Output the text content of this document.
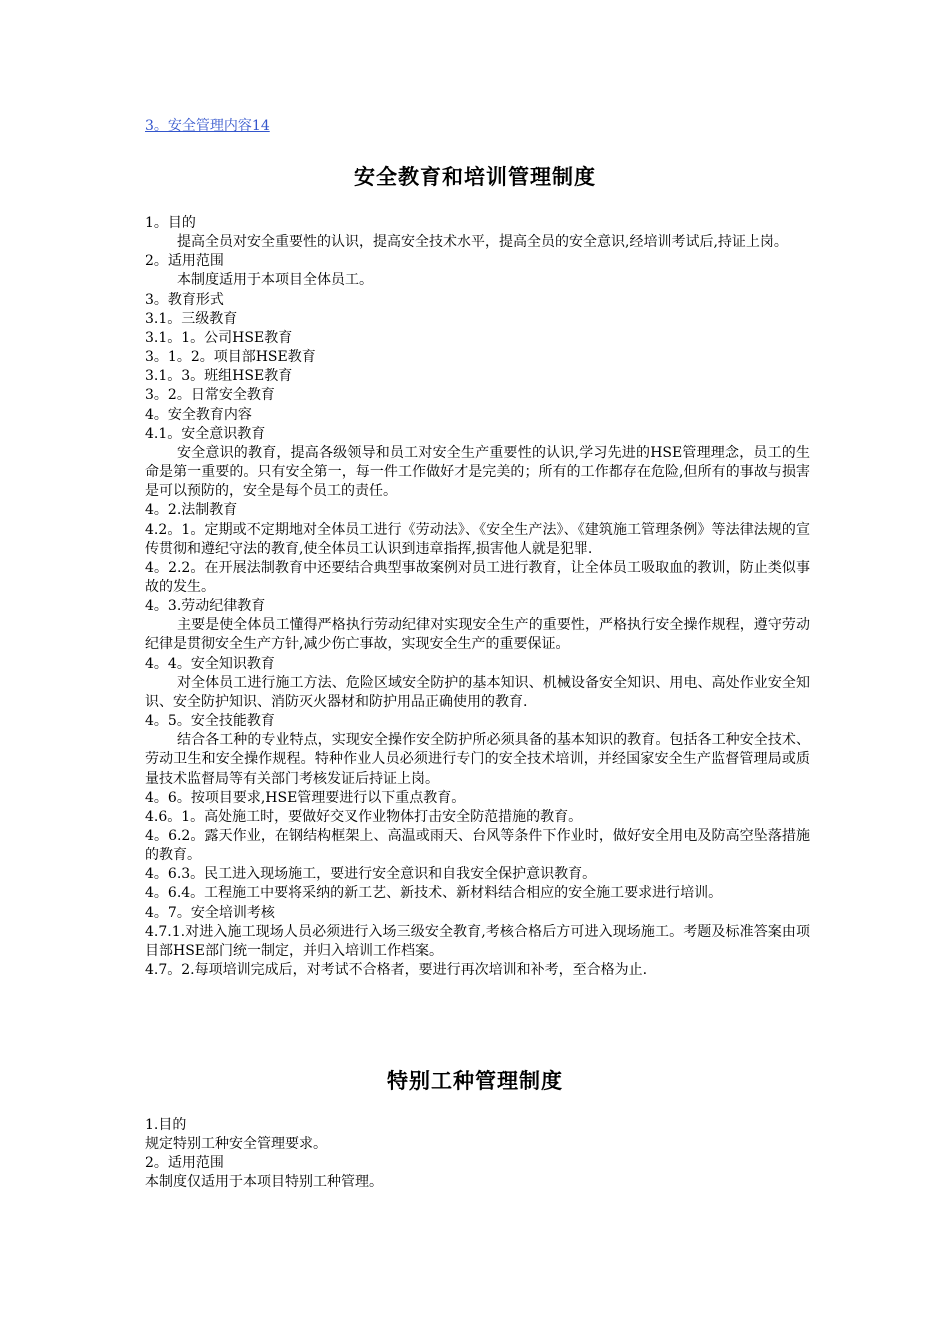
3。安全管理内容14
安全教育和培训管理制度

1。目的

提高全员对安全重要性的认识，提高安全技术水平，提高全员的安全意识,经培训考试后,持证上岗。

2。适用范围

本制度适用于本项目全体员工。

3。教育形式

3.1。三级教育

3.1。1。公司HSE教育

3。1。2。项目部HSE教育

3.1。3。班组HSE教育

3。2。日常安全教育

4。安全教育内容

4.1。安全意识教育

安全意识的教育，提高各级领导和员工对安全生产重要性的认识,学习先进的HSE管理理念，员工的生命是第一重要的。只有安全第一，每一件工作做好才是完美的；所有的工作都存在危险,但所有的事故与损害是可以预防的，安全是每个员工的责任。

4。2.法制教育

4.2。1。定期或不定期地对全体员工进行《劳动法》、《安全生产法》、《建筑施工管理条例》等法律法规的宣传贯彻和遵纪守法的教育,使全体员工认识到违章指挥,损害他人就是犯罪.

4。2.2。在开展法制教育中还要结合典型事故案例对员工进行教育，让全体员工吸取血的教训，防止类似事故的发生。

4。3.劳动纪律教育

主要是使全体员工懂得严格执行劳动纪律对实现安全生产的重要性，严格执行安全操作规程，遵守劳动纪律是贯彻安全生产方针,减少伤亡事故，实现安全生产的重要保证。

4。4。安全知识教育

对全体员工进行施工方法、危险区域安全防护的基本知识、机械设备安全知识、用电、高处作业安全知识、安全防护知识、消防灭火器材和防护用品正确使用的教育.

4。5。安全技能教育

结合各工种的专业特点，实现安全操作安全防护所必须具备的基本知识的教育。包括各工种安全技术、劳动卫生和安全操作规程。特种作业人员必须进行专门的安全技术培训，并经国家安全生产监督管理局或质量技术监督局等有关部门考核发证后持证上岗。

4。6。按项目要求,HSE管理要进行以下重点教育。

4.6。1。高处施工时，要做好交叉作业物体打击安全防范措施的教育。

4。6.2。露天作业，在钢结构框架上、高温或雨天、台风等条件下作业时，做好安全用电及防高空坠落措施的教育。

4。6.3。民工进入现场施工，要进行安全意识和自我安全保护意识教育。

4。6.4。工程施工中要将采纳的新工艺、新技术、新材料结合相应的安全施工要求进行培训。

4。7。安全培训考核

4.7.1.对进入施工现场人员必须进行入场三级安全教育,考核合格后方可进入现场施工。考题及标准答案由项目部HSE部门统一制定，并归入培训工作档案。

4.7。2.每项培训完成后，对考试不合格者，要进行再次培训和补考，至合格为止.

特别工种管理制度

1.目的

规定特别工种安全管理要求。

2。适用范围

本制度仅适用于本项目特别工种管理。
